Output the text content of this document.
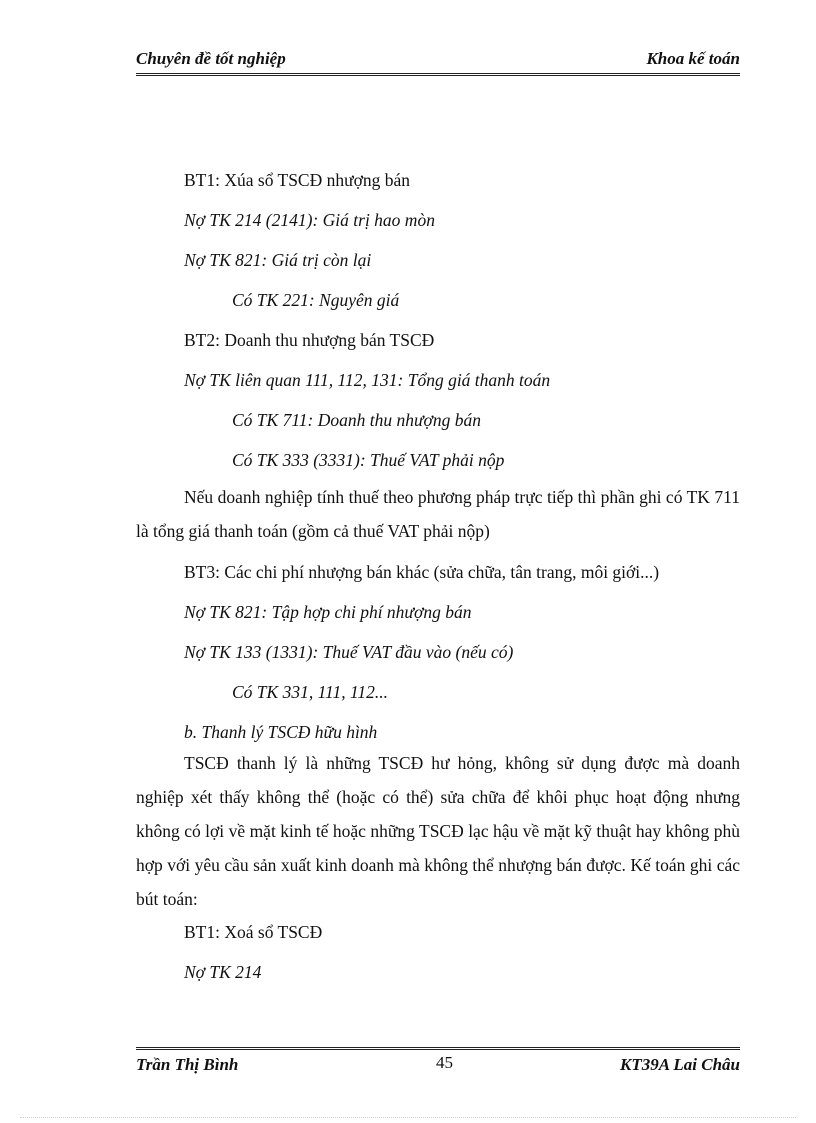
Chuyên đề tốt nghiệp	Khoa kế toán
BT1: Xúa sổ TSCĐ nhượng bán
Nợ TK 214 (2141): Giá trị hao mòn
Nợ TK 821: Giá trị còn lại
Có TK 221: Nguyên giá
BT2: Doanh thu nhượng bán TSCĐ
Nợ TK liên quan 111, 112, 131: Tổng giá thanh toán
Có TK 711: Doanh thu nhượng bán
Có TK 333 (3331): Thuế VAT phải nộp
Nếu doanh nghiệp tính thuế theo phương pháp trực tiếp thì phần ghi có TK 711 là tổng giá thanh toán (gồm cả thuế VAT phải nộp)
BT3: Các chi phí nhượng bán khác (sửa chữa, tân trang, môi giới...)
Nợ TK 821: Tập hợp chi phí nhượng bán
Nợ TK 133 (1331): Thuế VAT đầu vào (nếu có)
Có TK 331, 111, 112...
b. Thanh lý TSCĐ hữu hình
TSCĐ thanh lý là những TSCĐ hư hỏng, không sử dụng được mà doanh nghiệp xét thấy không thể (hoặc có thể) sửa chữa để khôi phục hoạt động nhưng không có lợi về mặt kinh tế hoặc những TSCĐ lạc hậu về mặt kỹ thuật hay không phù hợp với yêu cầu sản xuất kinh doanh mà không thể nhượng bán được. Kế toán ghi các bút toán:
BT1: Xoá sổ TSCĐ
Nợ TK 214
Trần Thị Bình	45	KT39A Lai Châu
